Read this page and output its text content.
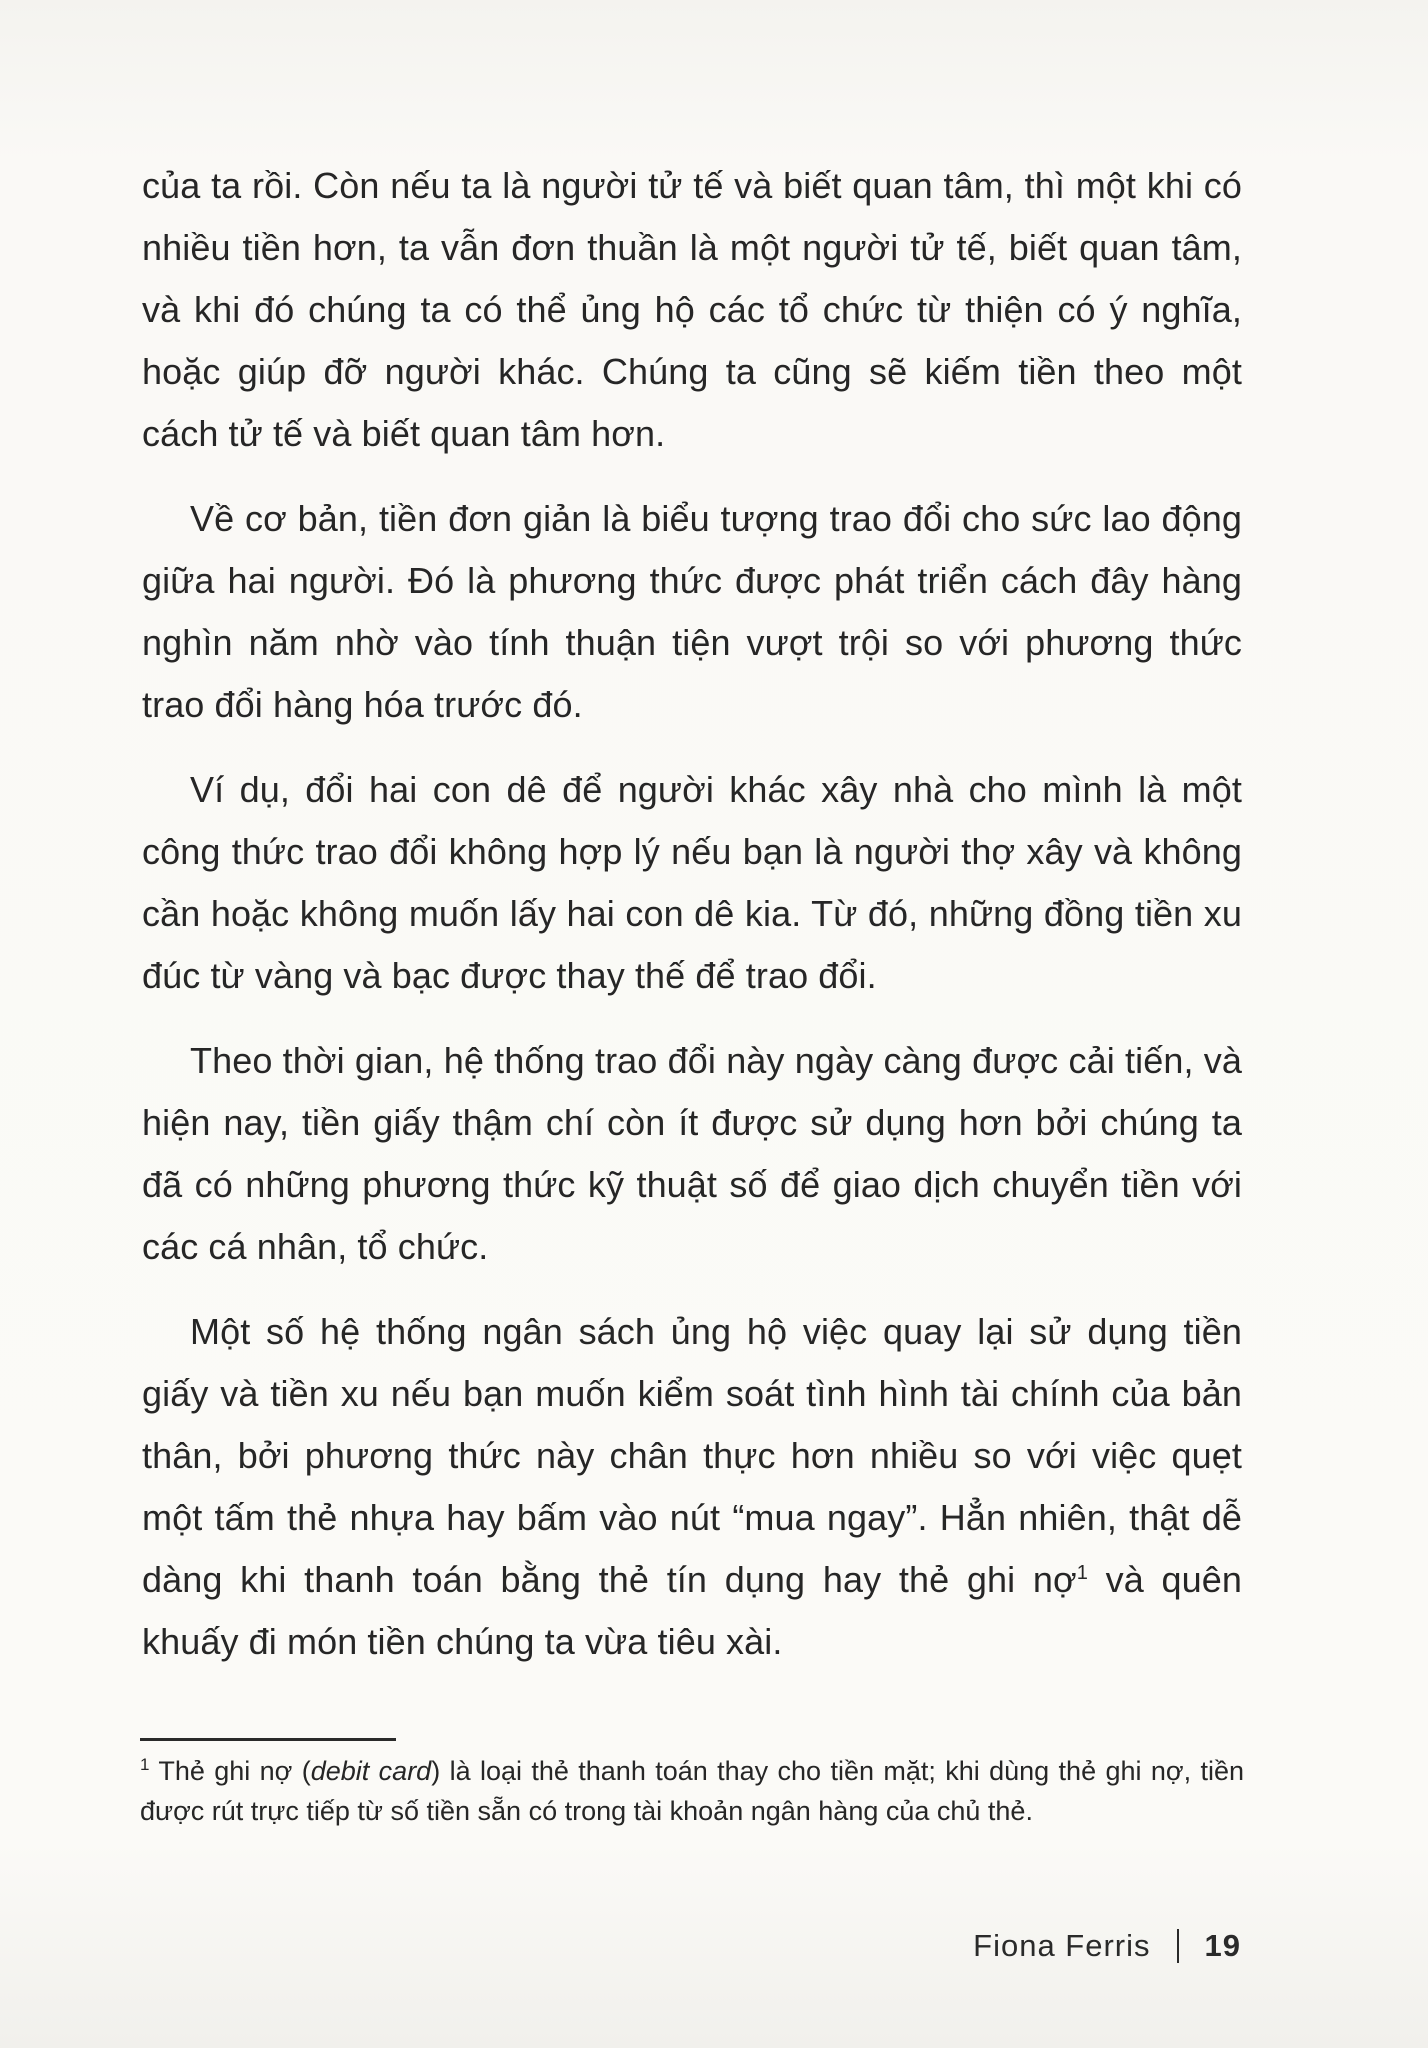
của ta rồi. Còn nếu ta là người tử tế và biết quan tâm, thì một khi có nhiều tiền hơn, ta vẫn đơn thuần là một người tử tế, biết quan tâm, và khi đó chúng ta có thể ủng hộ các tổ chức từ thiện có ý nghĩa, hoặc giúp đỡ người khác. Chúng ta cũng sẽ kiếm tiền theo một cách tử tế và biết quan tâm hơn.

Về cơ bản, tiền đơn giản là biểu tượng trao đổi cho sức lao động giữa hai người. Đó là phương thức được phát triển cách đây hàng nghìn năm nhờ vào tính thuận tiện vượt trội so với phương thức trao đổi hàng hóa trước đó.

Ví dụ, đổi hai con dê để người khác xây nhà cho mình là một công thức trao đổi không hợp lý nếu bạn là người thợ xây và không cần hoặc không muốn lấy hai con dê kia. Từ đó, những đồng tiền xu đúc từ vàng và bạc được thay thế để trao đổi.

Theo thời gian, hệ thống trao đổi này ngày càng được cải tiến, và hiện nay, tiền giấy thậm chí còn ít được sử dụng hơn bởi chúng ta đã có những phương thức kỹ thuật số để giao dịch chuyển tiền với các cá nhân, tổ chức.

Một số hệ thống ngân sách ủng hộ việc quay lại sử dụng tiền giấy và tiền xu nếu bạn muốn kiểm soát tình hình tài chính của bản thân, bởi phương thức này chân thực hơn nhiều so với việc quẹt một tấm thẻ nhựa hay bấm vào nút “mua ngay”. Hẳn nhiên, thật dễ dàng khi thanh toán bằng thẻ tín dụng hay thẻ ghi nợ$^1$ và quên khuấy đi món tiền chúng ta vừa tiêu xài.

$^1$ Thẻ ghi nợ (debit card) là loại thẻ thanh toán thay cho tiền mặt; khi dùng thẻ ghi nợ, tiền được rút trực tiếp từ số tiền sẵn có trong tài khoản ngân hàng của chủ thẻ.

Fiona Ferris 19
